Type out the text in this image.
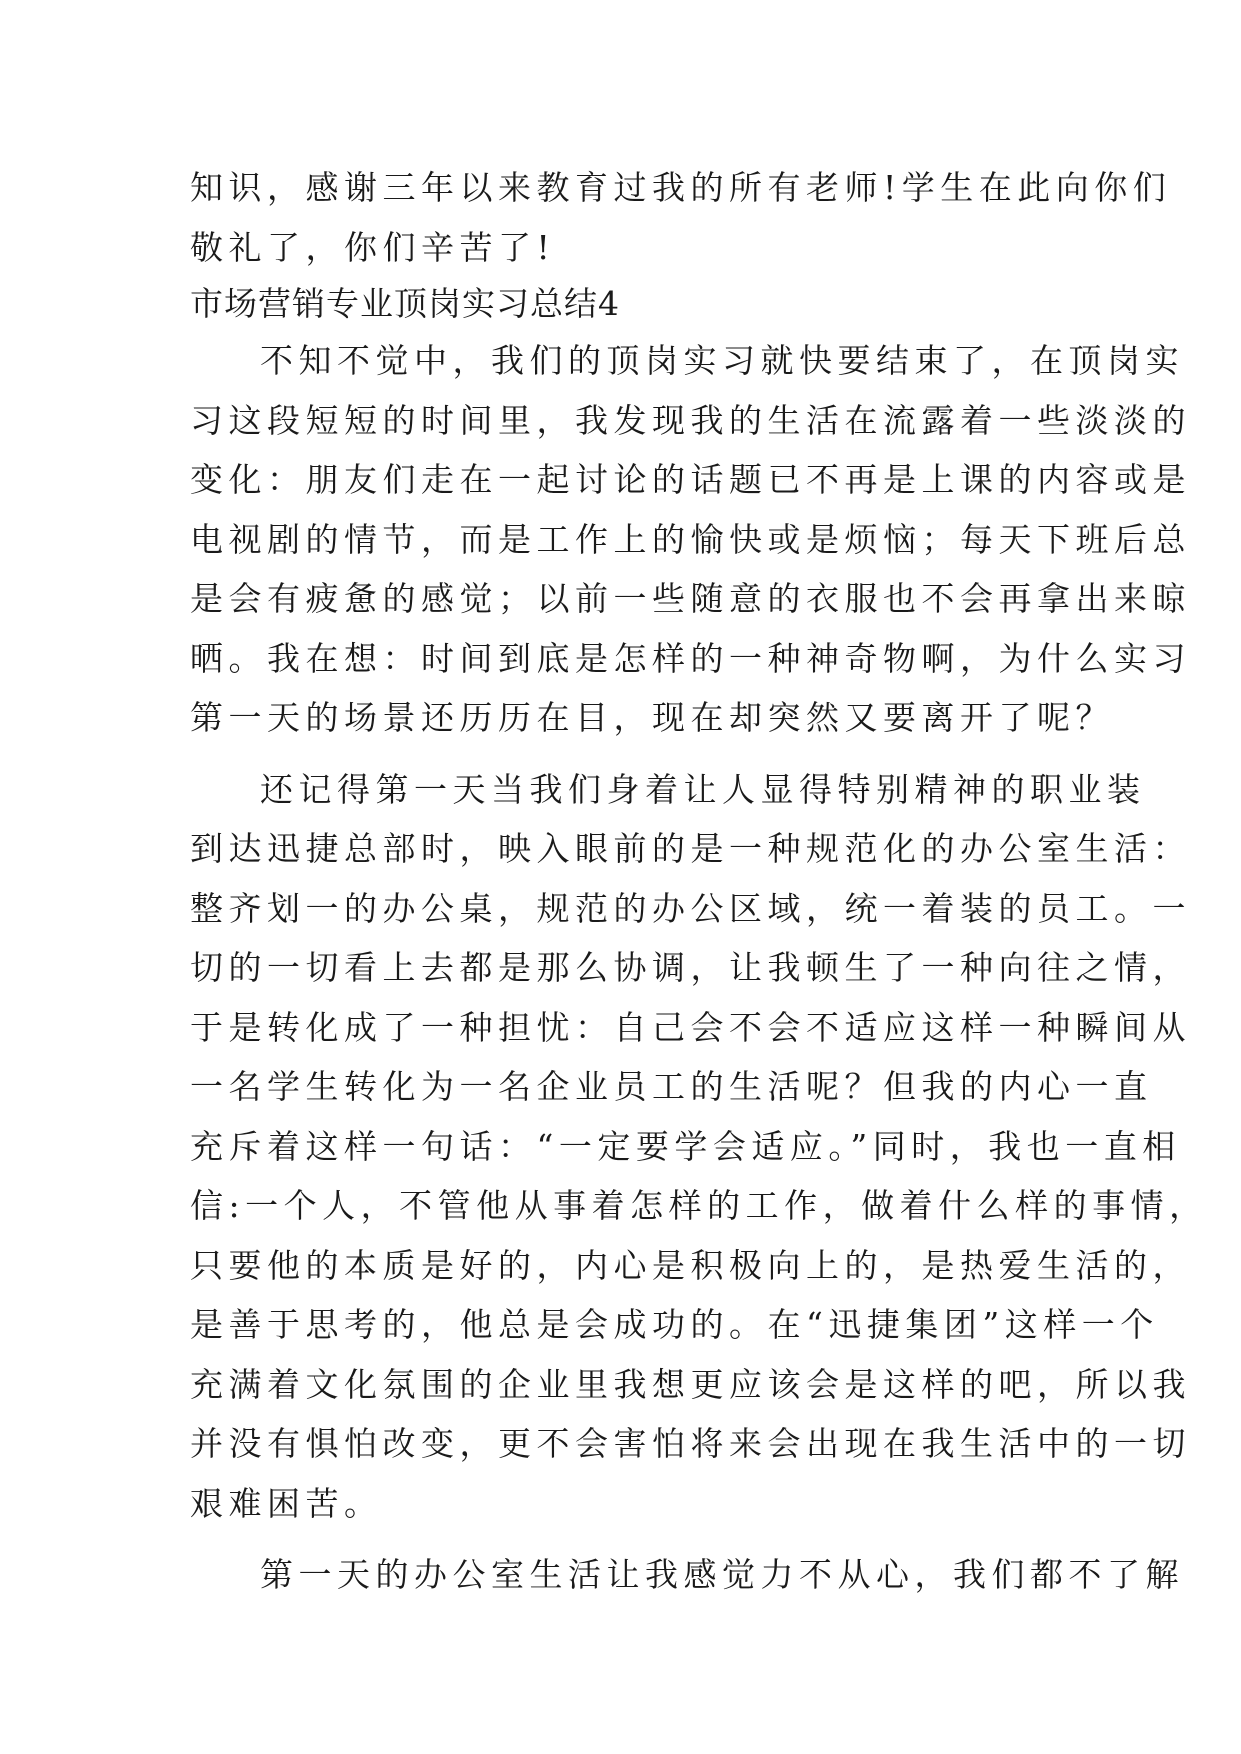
知识，感谢三年以来教育过我的所有老师!学生在此向你们
敬礼了，你们辛苦了!
市场营销专业顶岗实习总结4
不知不觉中，我们的顶岗实习就快要结束了，在顶岗实
习这段短短的时间里，我发现我的生活在流露着一些淡淡的
变化：朋友们走在一起讨论的话题已不再是上课的内容或是
电视剧的情节，而是工作上的愉快或是烦恼；每天下班后总
是会有疲惫的感觉；以前一些随意的衣服也不会再拿出来晾
晒。我在想：时间到底是怎样的一种神奇物啊，为什么实习
第一天的场景还历历在目，现在却突然又要离开了呢？
还记得第一天当我们身着让人显得特别精神的职业装
到达迅捷总部时，映入眼前的是一种规范化的办公室生活：
整齐划一的办公桌，规范的办公区域，统一着装的员工。一
切的一切看上去都是那么协调，让我顿生了一种向往之情，
于是转化成了一种担忧：自己会不会不适应这样一种瞬间从
一名学生转化为一名企业员工的生活呢？但我的内心一直
充斥着这样一句话：“一定要学会适应。”同时，我也一直相
信:一个人，不管他从事着怎样的工作，做着什么样的事情，
只要他的本质是好的，内心是积极向上的，是热爱生活的，
是善于思考的，他总是会成功的。在“迅捷集团”这样一个
充满着文化氛围的企业里我想更应该会是这样的吧，所以我
并没有惧怕改变，更不会害怕将来会出现在我生活中的一切
艰难困苦。
第一天的办公室生活让我感觉力不从心，我们都不了解
